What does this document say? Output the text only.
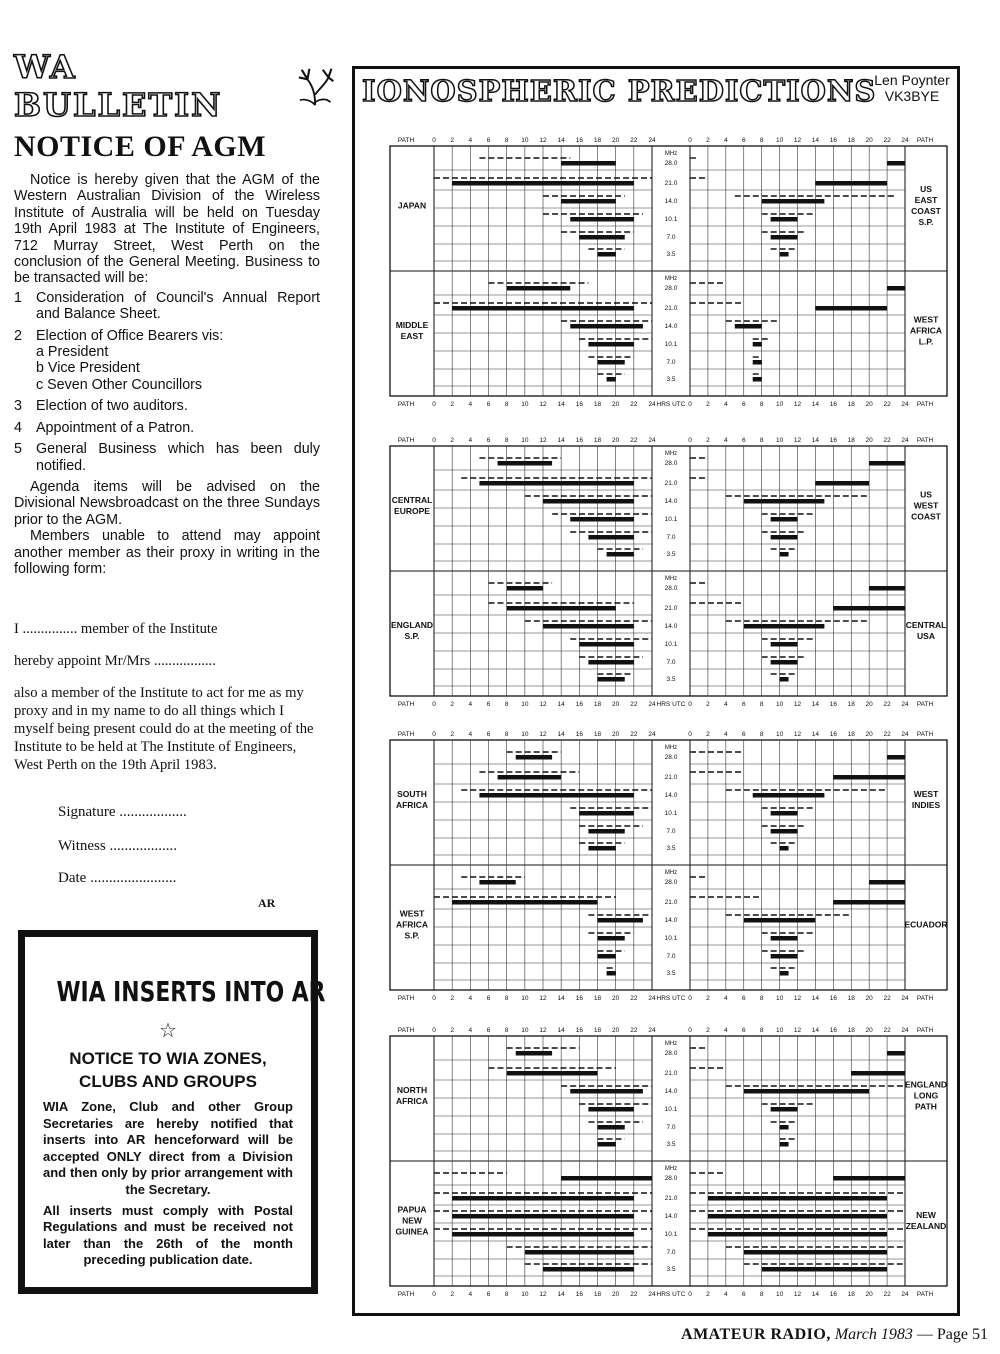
WA BULLETIN
NOTICE OF AGM

Notice is hereby given that the AGM of the Western Australian Division of the Wireless Institute of Australia will be held on Tuesday 19th April 1983 at The Institute of Engineers, 712 Murray Street, West Perth on the conclusion of the General Meeting. Business to be transacted will be:

1 Consideration of Council's Annual Report and Balance Sheet.
2 Election of Office Bearers vis:
a President
b Vice President
c Seven Other Councillors
3 Election of two auditors.
4 Appointment of a Patron.
5 General Business which has been duly notified.

Agenda items will be advised on the Divisional Newsbroadcast on the three Sundays prior to the AGM.

Members unable to attend may appoint another member as their proxy in writing in the following form:

I ............... member of the Institute
hereby appoint Mr/Mrs .................
also a member of the Institute to act for me as my proxy and in my name to do all things which I myself being present could do at the meeting of the Institute to be held at The Institute of Engineers,
West Perth on the 19th April 1983.
Signature ..................
Witness ..................
Date .......................
AR
WIA INSERTS INTO AR
☆
NOTICE TO WIA ZONES,
CLUBS AND GROUPS

WIA Zone, Club and other Group Secretaries are hereby notified that inserts into AR henceforward will be accepted ONLY direct from a Division and then only by prior arrangement with the Secretary.

All inserts must comply with Postal Regulations and must be received not later than the 26th of the month preceding publication date.

IONOSPHERIC PREDICTIONS
Len Poynter
VK3BYE
PATH	0	0
2	2
4	4
6	6
8	8
10	10
12	12
14	14
16	16
18	18
20	20
22	22
24	24 PATH
PATH	0	0
2	2
4	4
6	6
8	8
10	10
12	12
14	14
16	16
18	18
20	20
22	22
24	24
HRS UTC	PATH
MHz
28.0
21.0
14.0
10.1
7.0
3.5
JAPAN
US
EAST
COAST
S.P.
MHz
28.0
21.0
14.0
10.1
7.0
3.5
MIDDLE
EAST
WEST
AFRICA
L.P.
PATH	0	0
2	2
4	4
6	6
8	8
10	10
12	12
14	14
16	16
18	18
20	20
22	22
24	24 PATH
PATH	0	0
2	2
4	4
6	6
8	8
10	10
12	12
14	14
16	16
18	18
20	20
22	22
24	24
HRS UTC	PATH
MHz
28.0
21.0
14.0
10.1
7.0
3.5
CENTRAL
EUROPE
US
WEST
COAST
MHz
28.0
21.0
14.0
10.1
7.0
3.5
ENGLAND
S.P.
CENTRAL
USA
PATH	0	0
2	2
4	4
6	6
8	8
10	10
12	12
14	14
16	16
18	18
20	20
22	22
24	24 PATH
PATH	0	0
2	2
4	4
6	6
8	8
10	10
12	12
14	14
16	16
18	18
20	20
22	22
24	24
HRS UTC	PATH
MHz
28.0
21.0
14.0
10.1
7.0
3.5
SOUTH
AFRICA
WEST
INDIES
MHz
28.0
21.0
14.0
10.1
7.0
3.5
WEST
AFRICA
S.P.
ECUADOR
PATH	0	0
2	2
4	4
6	6
8	8
10	10
12	12
14	14
16	16
18	18
20	20
22	22
24	24 PATH
PATH	0	0
2	2
4	4
6	6
8	8
10	10
12	12
14	14
16	16
18	18
20	20
22	22
24	24
HRS UTC	PATH
MHz
28.0
21.0
14.0
10.1
7.0
3.5
NORTH
AFRICA
ENGLAND
LONG
PATH
MHz
28.0
21.0
14.0
10.1
7.0
3.5
PAPUA
NEW
GUINEA
NEW
ZEALAND
AMATEUR RADIO, March 1983 — Page 51
